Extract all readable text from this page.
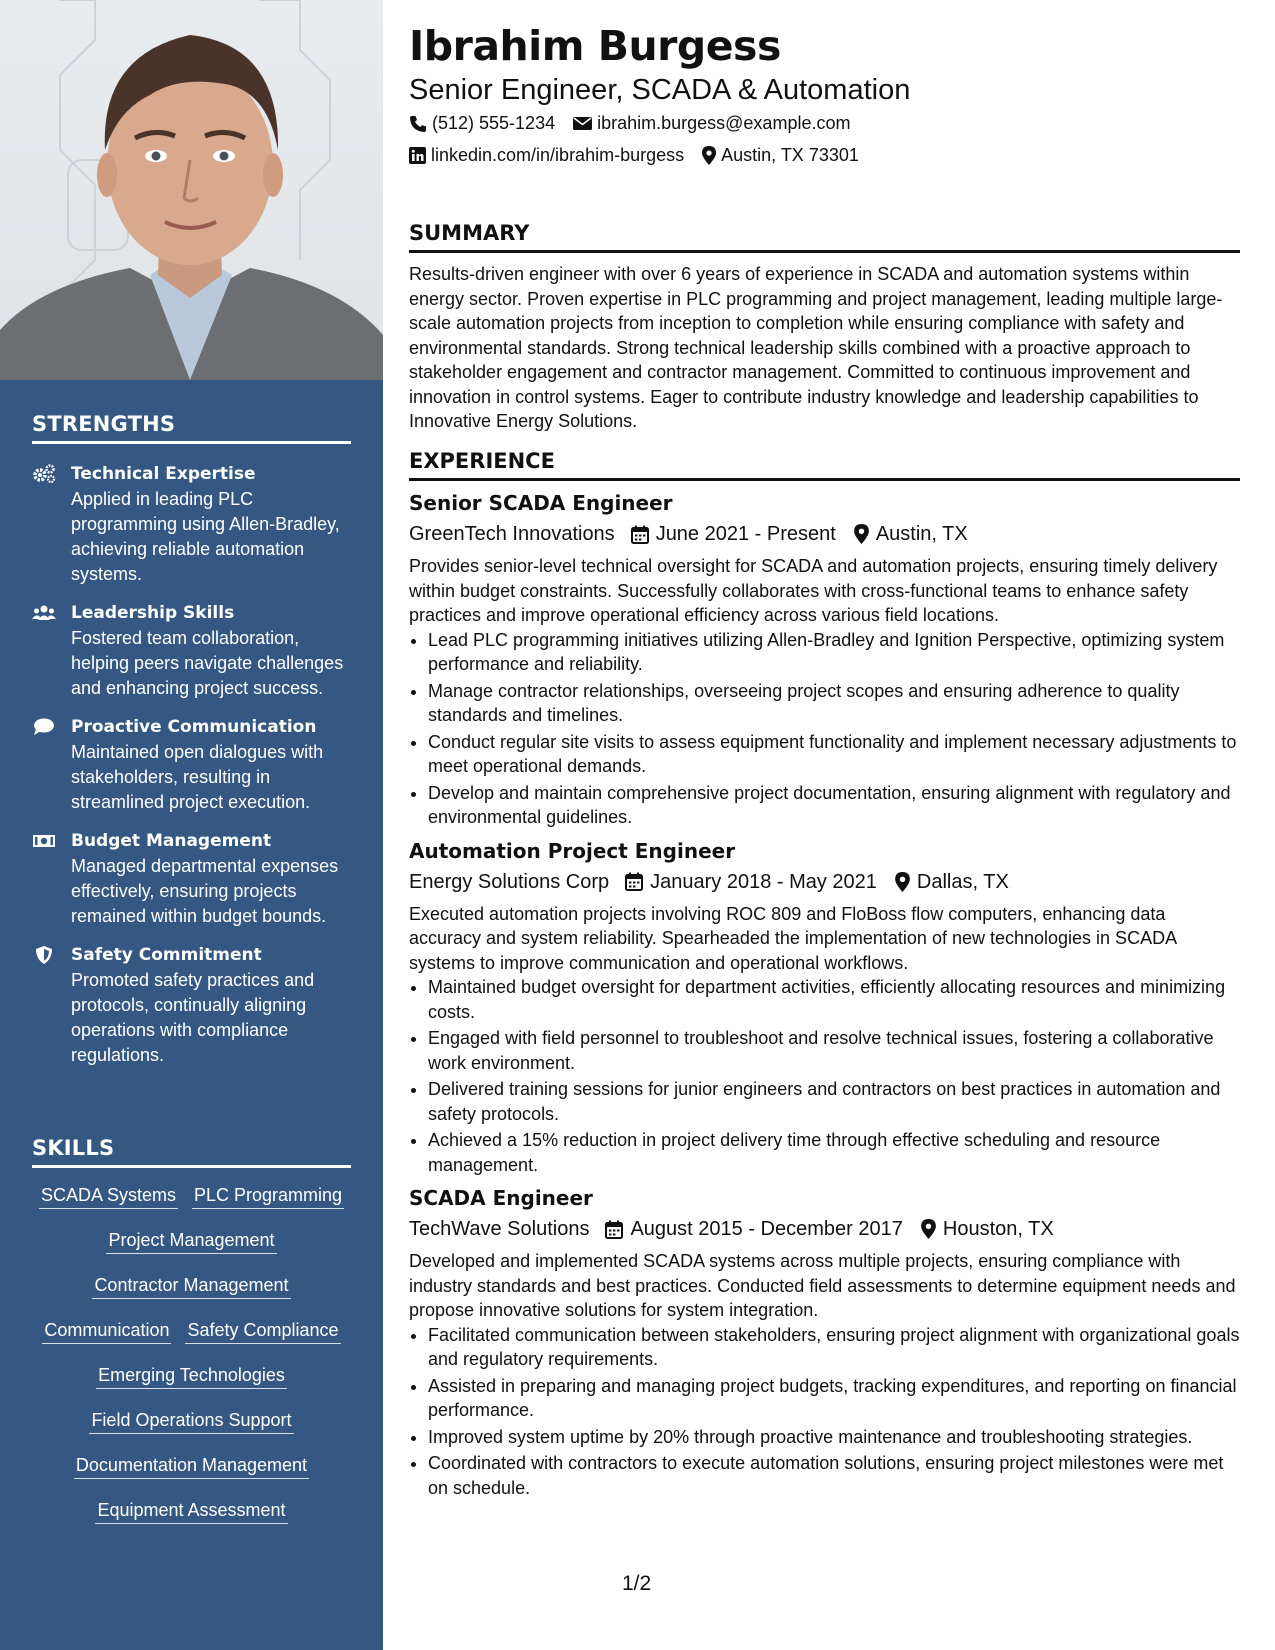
STRENGTHS
Technical Expertise
Applied in leading PLC programming using Allen-Bradley, achieving reliable automation systems.
Leadership Skills
Fostered team collaboration, helping peers navigate challenges and enhancing project success.
Proactive Communication
Maintained open dialogues with stakeholders, resulting in streamlined project execution.
Budget Management
Managed departmental expenses effectively, ensuring projects remained within budget bounds.
Safety Commitment
Promoted safety practices and protocols, continually aligning operations with compliance regulations.
SKILLS
SCADA Systems PLC Programming
Project Management
Contractor Management
Communication Safety Compliance
Emerging Technologies
Field Operations Support
Documentation Management
Equipment Assessment
Ibrahim Burgess
Senior Engineer, SCADA & Automation
(512) 555-1234 ibrahim.burgess@example.com
linkedin.com/in/ibrahim-burgess Austin, TX 73301
SUMMARY
Results-driven engineer with over 6 years of experience in SCADA and automation systems within energy sector. Proven expertise in PLC programming and project management, leading multiple large-scale automation projects from inception to completion while ensuring compliance with safety and environmental standards. Strong technical leadership skills combined with a proactive approach to stakeholder engagement and contractor management. Committed to continuous improvement and innovation in control systems. Eager to contribute industry knowledge and leadership capabilities to Innovative Energy Solutions.
EXPERIENCE
Senior SCADA Engineer
GreenTech Innovations June 2021 - Present Austin, TX
Provides senior-level technical oversight for SCADA and automation projects, ensuring timely delivery within budget constraints. Successfully collaborates with cross-functional teams to enhance safety practices and improve operational efficiency across various field locations.
• Lead PLC programming initiatives utilizing Allen-Bradley and Ignition Perspective, optimizing system performance and reliability.
• Manage contractor relationships, overseeing project scopes and ensuring adherence to quality standards and timelines.
• Conduct regular site visits to assess equipment functionality and implement necessary adjustments to meet operational demands.
• Develop and maintain comprehensive project documentation, ensuring alignment with regulatory and environmental guidelines.
Automation Project Engineer
Energy Solutions Corp January 2018 - May 2021 Dallas, TX
Executed automation projects involving ROC 809 and FloBoss flow computers, enhancing data accuracy and system reliability. Spearheaded the implementation of new technologies in SCADA systems to improve communication and operational workflows.
• Maintained budget oversight for department activities, efficiently allocating resources and minimizing costs.
• Engaged with field personnel to troubleshoot and resolve technical issues, fostering a collaborative work environment.
• Delivered training sessions for junior engineers and contractors on best practices in automation and safety protocols.
• Achieved a 15% reduction in project delivery time through effective scheduling and resource management.
SCADA Engineer
TechWave Solutions August 2015 - December 2017 Houston, TX
Developed and implemented SCADA systems across multiple projects, ensuring compliance with industry standards and best practices. Conducted field assessments to determine equipment needs and propose innovative solutions for system integration.
• Facilitated communication between stakeholders, ensuring project alignment with organizational goals and regulatory requirements.
• Assisted in preparing and managing project budgets, tracking expenditures, and reporting on financial performance.
• Improved system uptime by 20% through proactive maintenance and troubleshooting strategies.
• Coordinated with contractors to execute automation solutions, ensuring project milestones were met on schedule.
1/2
